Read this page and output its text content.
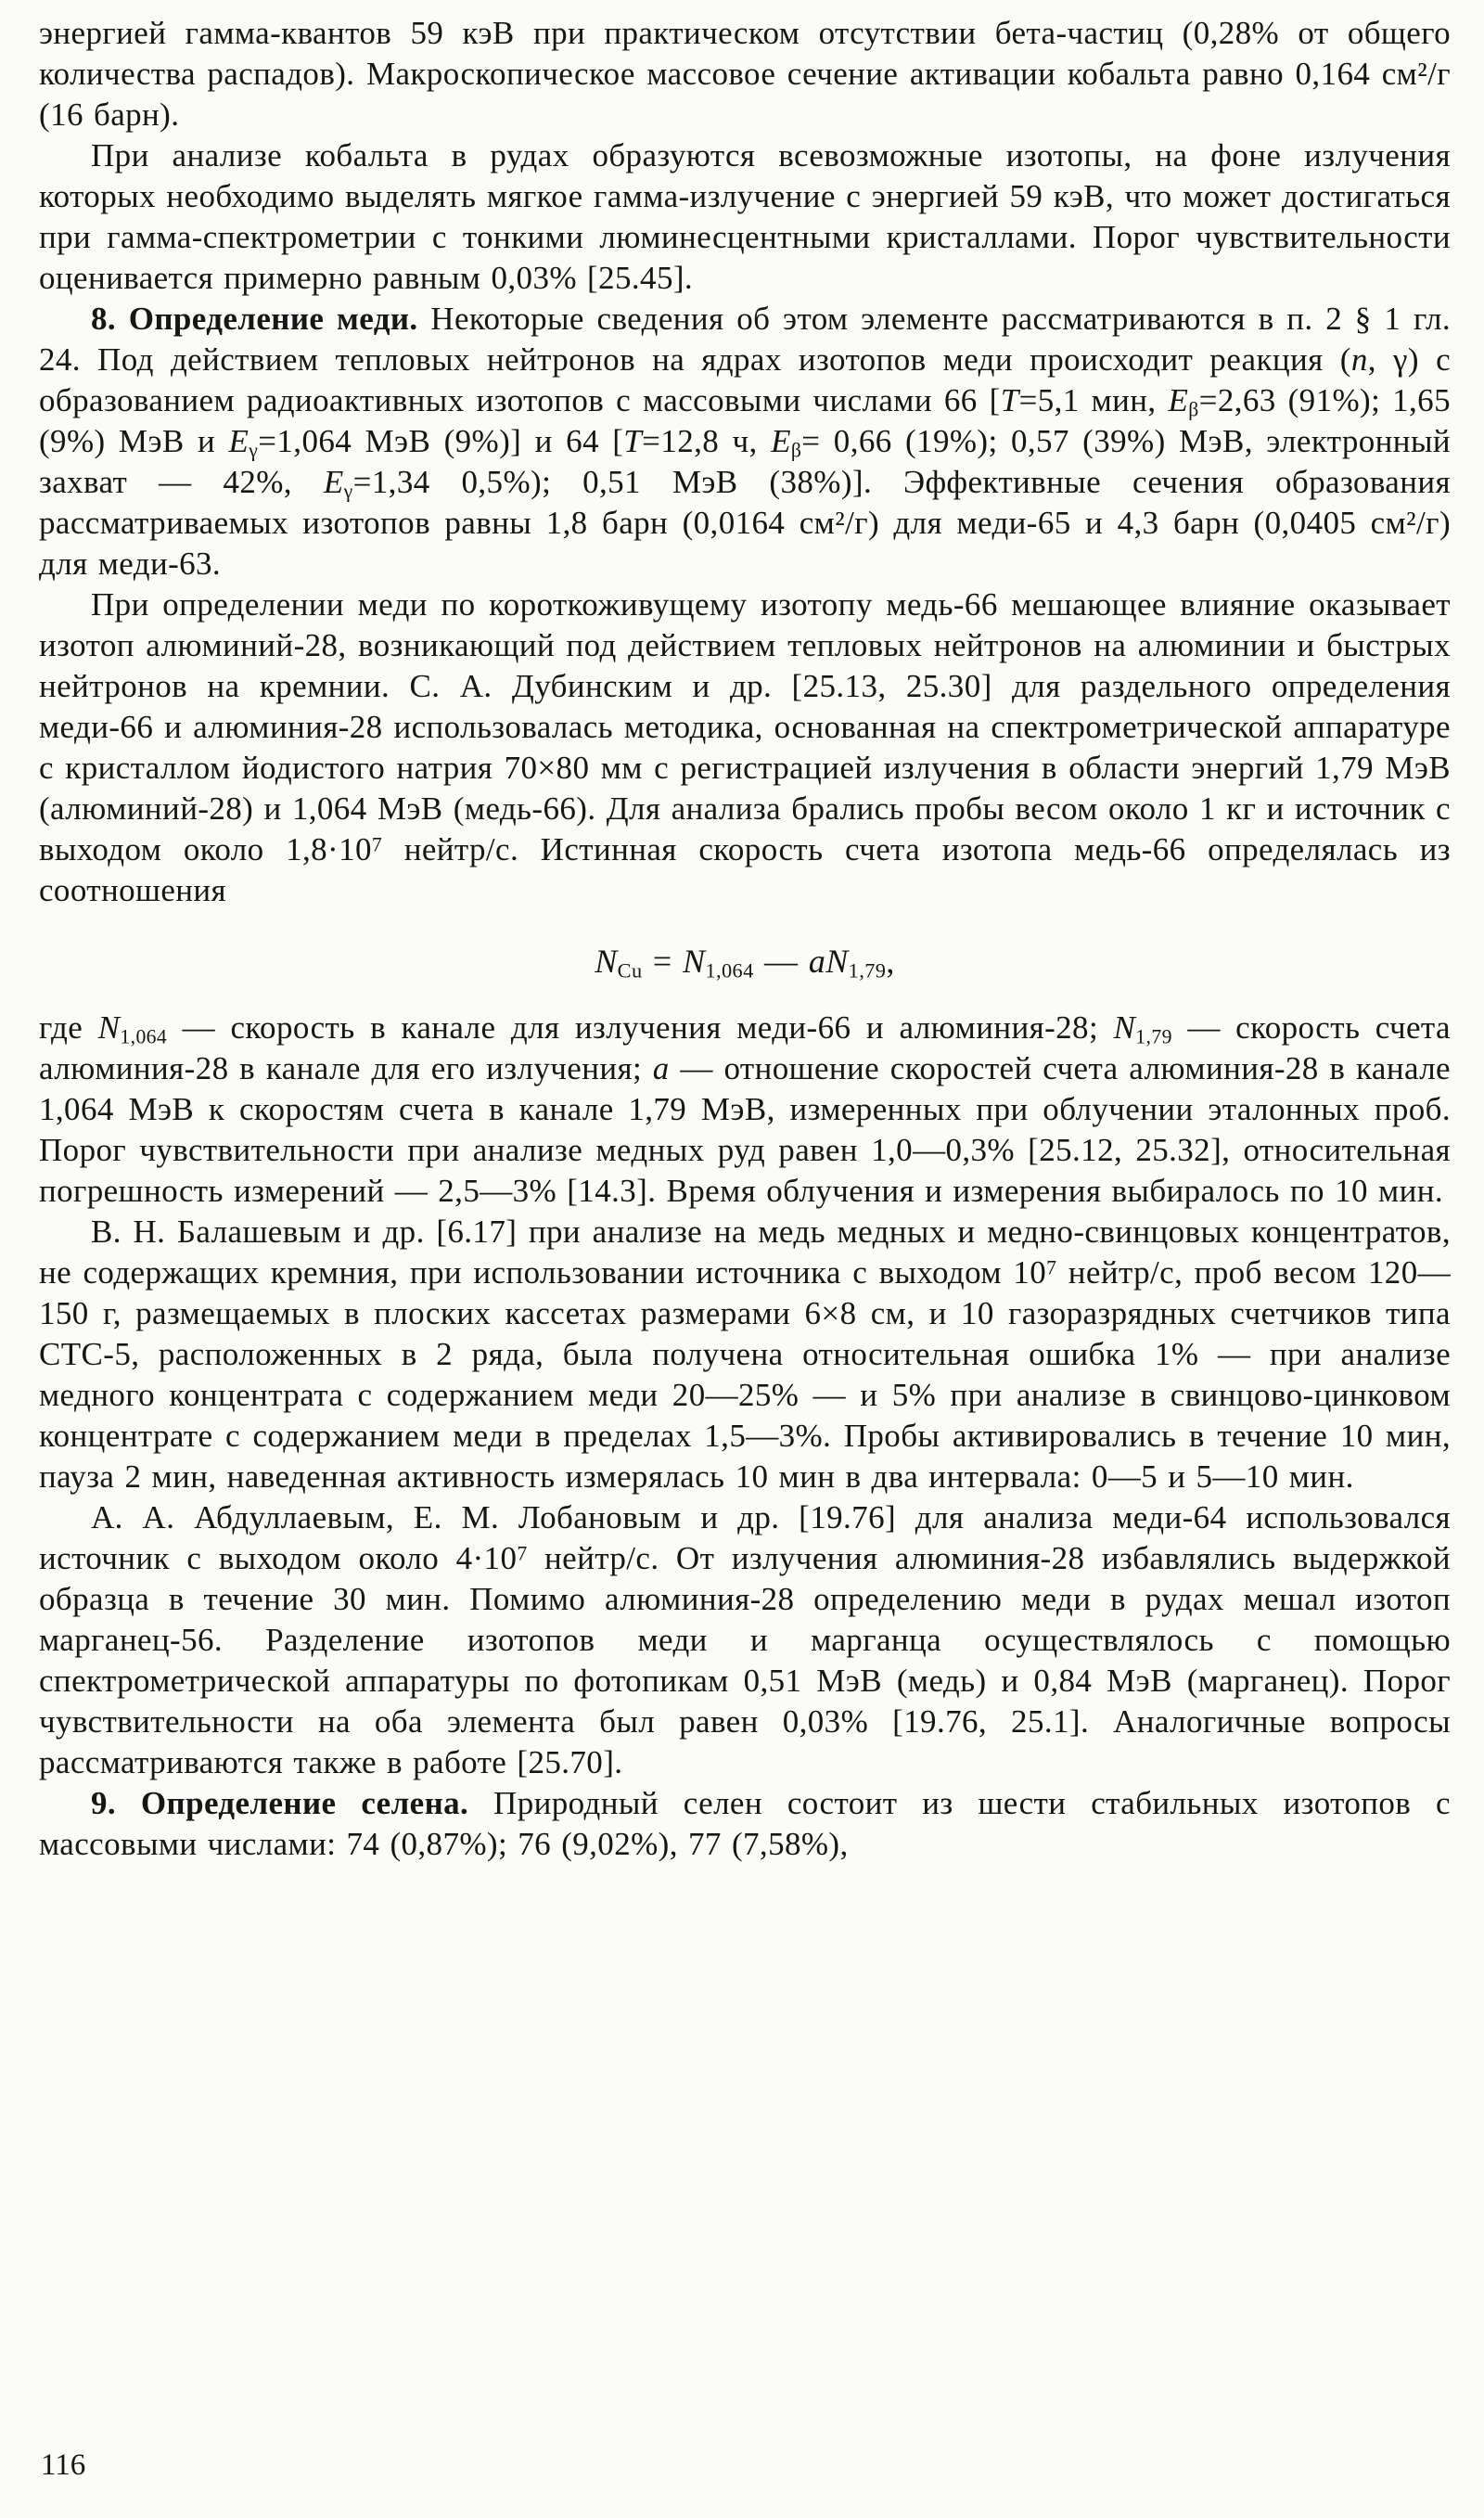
энергией гамма-квантов 59 кэВ при практическом отсутствии бета-частиц (0,28% от общего количества распадов). Макроскопическое массовое сечение активации кобальта равно 0,164 см²/г (16 барн).

При анализе кобальта в рудах образуются всевозможные изотопы, на фоне излучения которых необходимо выделять мягкое гамма-излучение с энергией 59 кэВ, что может достигаться при гамма-спектрометрии с тонкими люминесцентными кристаллами. Порог чувствительности оценивается примерно равным 0,03% [25.45].

8. Определение меди. Некоторые сведения об этом элементе рассматриваются в п. 2 § 1 гл. 24. Под действием тепловых нейтронов на ядрах изотопов меди происходит реакция (n, γ) с образованием радиоактивных изотопов с массовыми числами 66 [T=5,1 мин, $E_\beta=2,63$ (91%); 1,65 (9%) МэВ и $E_\gamma=1,064$ МэВ (9%)] и 64 [T=12,8 ч, $E_\beta= 0,66$ (19%); 0,57 (39%) МэВ, электронный захват — 42%, $E_\gamma=1,34$ 0,5%); 0,51 МэВ (38%)]. Эффективные сечения образования рассматриваемых изотопов равны 1,8 барн (0,0164 см²/г) для меди-65 и 4,3 барн (0,0405 см²/г) для меди-63.

При определении меди по короткоживущему изотопу медь-66 мешающее влияние оказывает изотоп алюминий-28, возникающий под действием тепловых нейтронов на алюминии и быстрых нейтронов на кремнии. С. А. Дубинским и др. [25.13, 25.30] для раздельного определения меди-66 и алюминия-28 использовалась методика, основанная на спектрометрической аппаратуре с кристаллом йодистого натрия 70×80 мм с регистрацией излучения в области энергий 1,79 МэВ (алюминий-28) и 1,064 МэВ (медь-66). Для анализа брались пробы весом около 1 кг и источник с выходом около $1,8\cdot 10^7$ нейтр/с. Истинная скорость счета изотопа медь-66 определялась из соотношения

$N_{Cu} = N_{1,064}$ — $aN_{1,79}$,

где $N_{1,064}$ — скорость в канале для излучения меди-66 и алюминия-28; $N_{1,79}$ — скорость счета алюминия-28 в канале для его излучения; a — отношение скоростей счета алюминия-28 в канале 1,064 МэВ к скоростям счета в канале 1,79 МэВ, измеренных при облучении эталонных проб. Порог чувствительности при анализе медных руд равен 1,0—0,3% [25.12, 25.32], относительная погрешность измерений — 2,5—3% [14.3]. Время облучения и измерения выбиралось по 10 мин.

В. Н. Балашевым и др. [6.17] при анализе на медь медных и медно-свинцовых концентратов, не содержащих кремния, при использовании источника с выходом $10^7$ нейтр/с, проб весом 120—150 г, размещаемых в плоских кассетах размерами 6×8 см, и 10 газоразрядных счетчиков типа СТС-5, расположенных в 2 ряда, была получена относительная ошибка 1% — при анализе медного концентрата с содержанием меди 20—25% — и 5% при анализе в свинцово-цинковом концентрате с содержанием меди в пределах 1,5—3%. Пробы активировались в течение 10 мин, пауза 2 мин, наведенная активность измерялась 10 мин в два интервала: 0—5 и 5—10 мин.

А. А. Абдуллаевым, Е. М. Лобановым и др. [19.76] для анализа меди-64 использовался источник с выходом около $4\cdot 10^7$ нейтр/с. От излучения алюминия-28 избавлялись выдержкой образца в течение 30 мин. Помимо алюминия-28 определению меди в рудах мешал изотоп марганец-56. Разделение изотопов меди и марганца осуществлялось с помощью спектрометрической аппаратуры по фотопикам 0,51 МэВ (медь) и 0,84 МэВ (марганец). Порог чувствительности на оба элемента был равен 0,03% [19.76, 25.1]. Аналогичные вопросы рассматриваются также в работе [25.70].

9. Определение селена. Природный селен состоит из шести стабильных изотопов с массовыми числами: 74 (0,87%); 76 (9,02%), 77 (7,58%),

116
